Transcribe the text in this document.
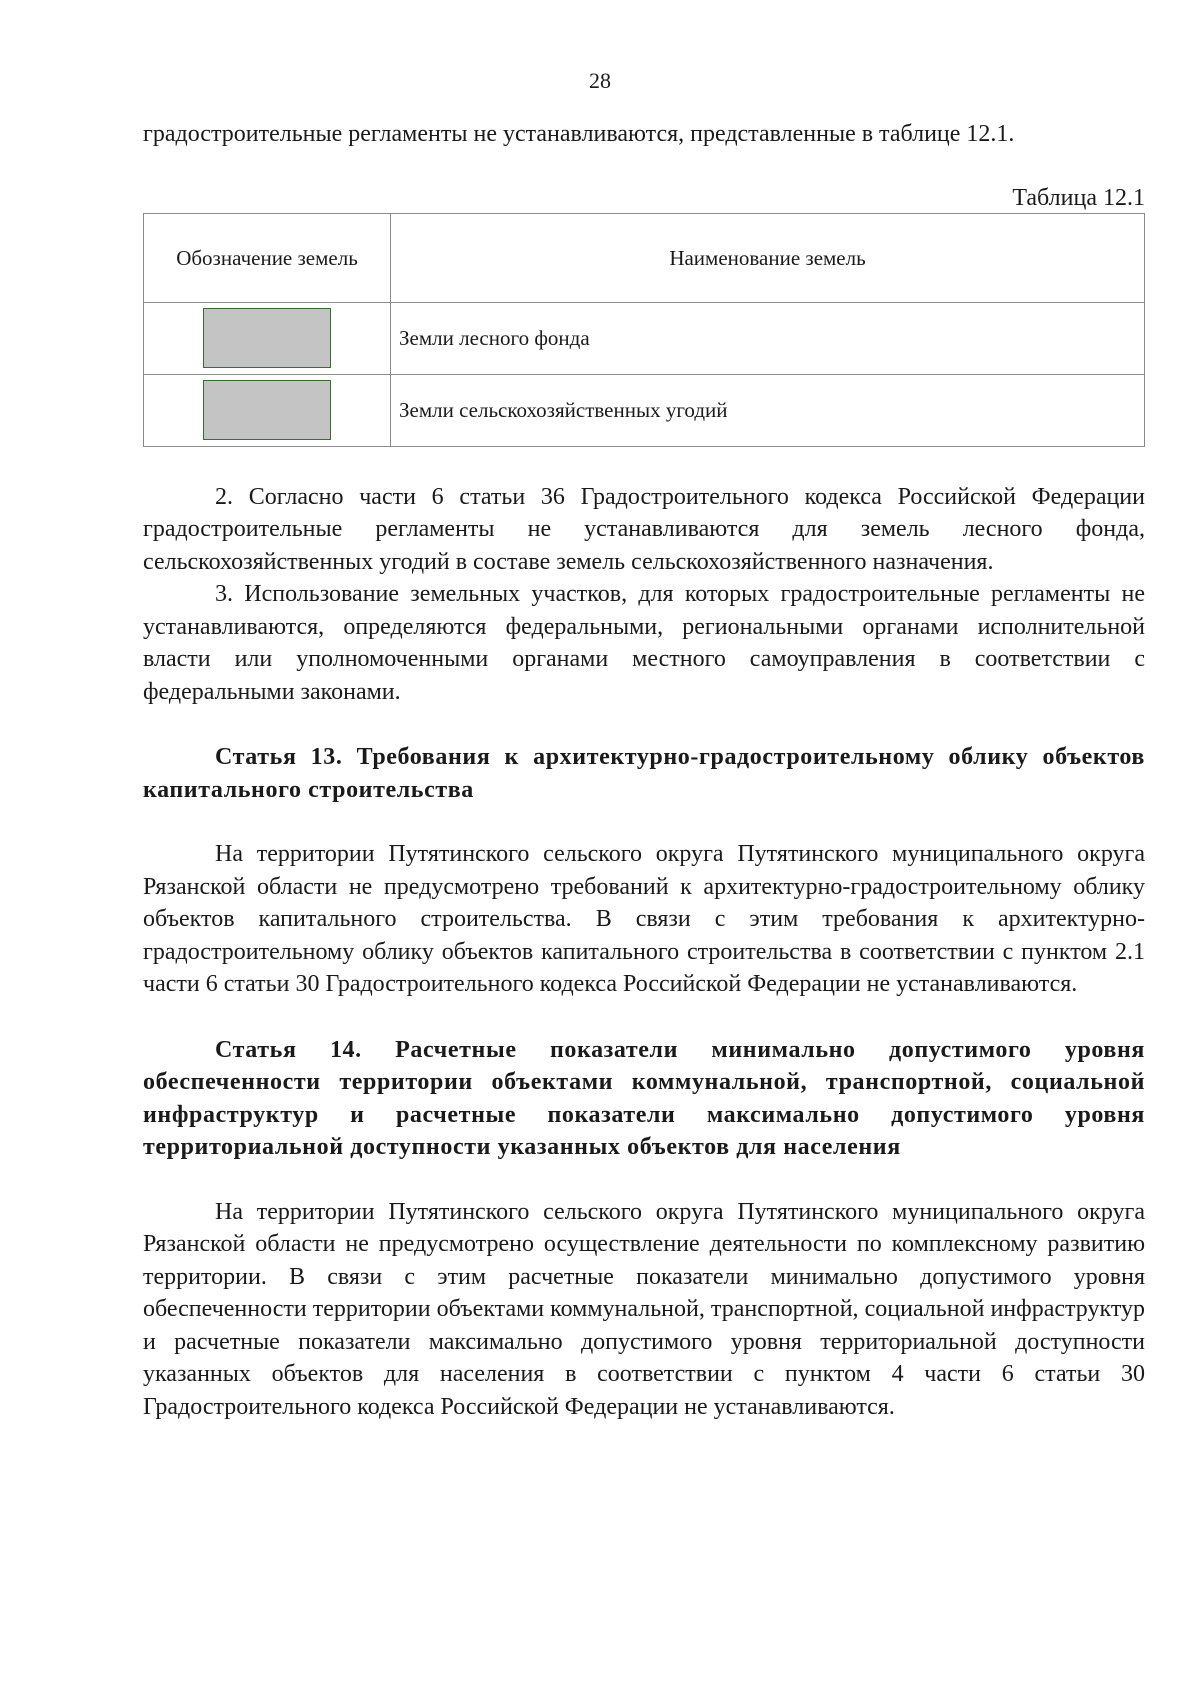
28

градостроительные регламенты не устанавливаются, представленные в таблице 12.1.

Таблица 12.1
Обозначение земель	Наименование земель
	Земли лесного фонда
	Земли сельскохозяйственных угодий

2. Согласно части 6 статьи 36 Градостроительного кодекса Российской Федерации градостроительные регламенты не устанавливаются для земель лесного фонда, сельскохозяйственных угодий в составе земель сельскохозяйственного назначения.

3. Использование земельных участков, для которых градостроительные регламенты не устанавливаются, определяются федеральными, региональными органами исполнительной власти или уполномоченными органами местного самоуправления в соответствии с федеральными законами.

Статья 13. Требования к архитектурно-градостроительному облику объектов капитального строительства

На территории Путятинского сельского округа Путятинского муниципального округа Рязанской области не предусмотрено требований к архитектурно-градостроительному облику объектов капитального строительства. В связи с этим требования к архитектурно-градостроительному облику объектов капитального строительства в соответствии с пунктом 2.1 части 6 статьи 30 Градостроительного кодекса Российской Федерации не устанавливаются.

Статья 14. Расчетные показатели минимально допустимого уровня обеспеченности территории объектами коммунальной, транспортной, социальной инфраструктур и расчетные показатели максимально допустимого уровня территориальной доступности указанных объектов для населения

На территории Путятинского сельского округа Путятинского муниципального округа Рязанской области не предусмотрено осуществление деятельности по комплексному развитию территории. В связи с этим расчетные показатели минимально допустимого уровня обеспеченности территории объектами коммунальной, транспортной, социальной инфраструктур и расчетные показатели максимально допустимого уровня территориальной доступности указанных объектов для населения в соответствии с пунктом 4 части 6 статьи 30 Градостроительного кодекса Российской Федерации не устанавливаются.
